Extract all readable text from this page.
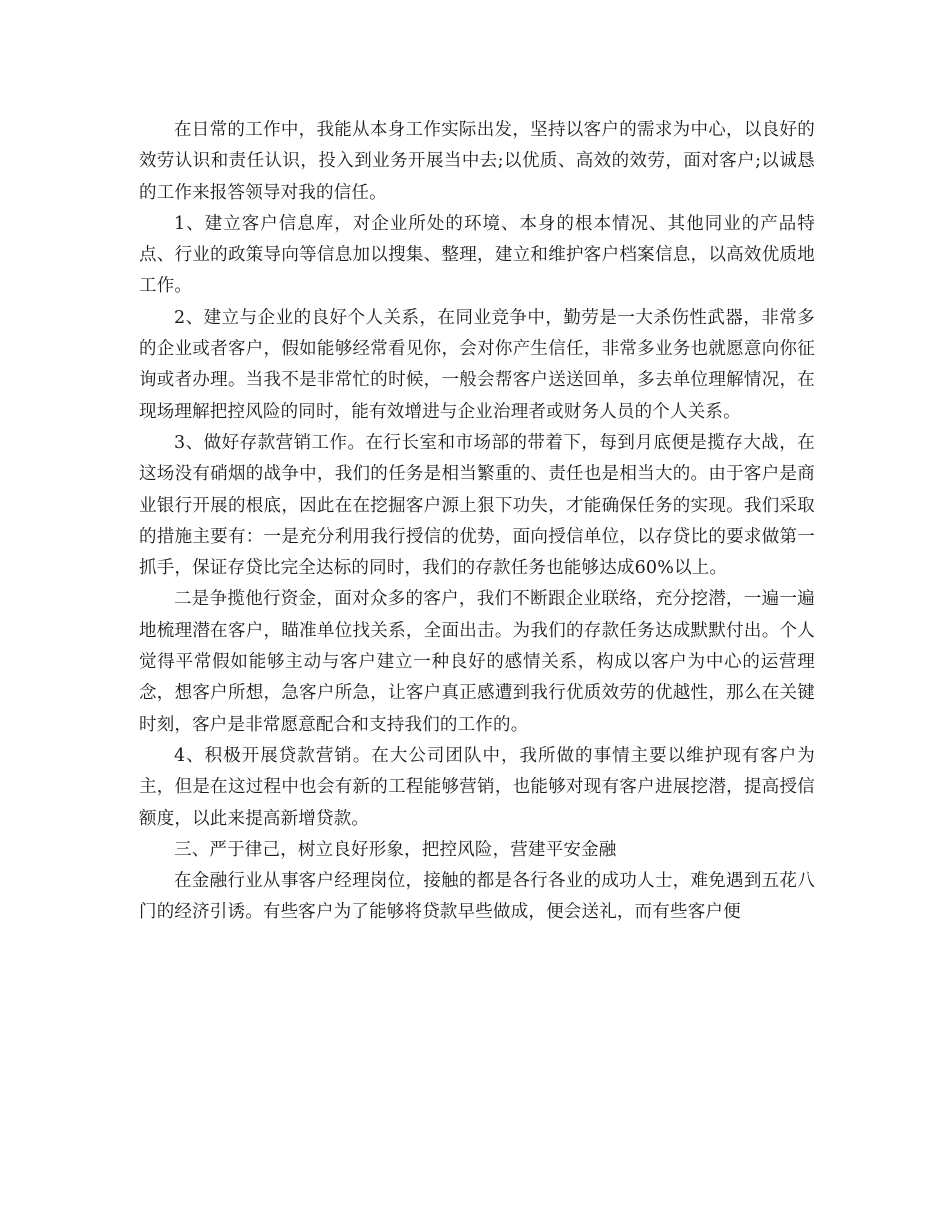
在日常的工作中，我能从本身工作实际出发，坚持以客户的需求为中心，以良好的效劳认识和责任认识，投入到业务开展当中去;以优质、高效的效劳，面对客户;以诚恳的工作来报答领导对我的信任。

1、建立客户信息库，对企业所处的环境、本身的根本情况、其他同业的产品特点、行业的政策导向等信息加以搜集、整理，建立和维护客户档案信息，以高效优质地工作。

2、建立与企业的良好个人关系，在同业竞争中，勤劳是一大杀伤性武器，非常多的企业或者客户，假如能够经常看见你，会对你产生信任，非常多业务也就愿意向你征询或者办理。当我不是非常忙的时候，一般会帮客户送送回单，多去单位理解情况，在现场理解把控风险的同时，能有效增进与企业治理者或财务人员的个人关系。

3、做好存款营销工作。在行长室和市场部的带着下，每到月底便是揽存大战，在这场没有硝烟的战争中，我们的任务是相当繁重的、责任也是相当大的。由于客户是商业银行开展的根底，因此在在挖掘客户源上狠下功失，才能确保任务的实现。我们采取的措施主要有：一是充分利用我行授信的优势，面向授信单位，以存贷比的要求做第一抓手，保证存贷比完全达标的同时，我们的存款任务也能够达成60%以上。

二是争揽他行资金，面对众多的客户，我们不断跟企业联络，充分挖潜，一遍一遍地梳理潜在客户，瞄准单位找关系，全面出击。为我们的存款任务达成默默付出。个人觉得平常假如能够主动与客户建立一种良好的感情关系，构成以客户为中心的运营理念，想客户所想，急客户所急，让客户真正感遭到我行优质效劳的优越性，那么在关键时刻，客户是非常愿意配合和支持我们的工作的。

4、积极开展贷款营销。在大公司团队中，我所做的事情主要以维护现有客户为主，但是在这过程中也会有新的工程能够营销，也能够对现有客户进展挖潜，提高授信额度，以此来提高新增贷款。

三、严于律己，树立良好形象，把控风险，营建平安金融

在金融行业从事客户经理岗位，接触的都是各行各业的成功人士，难免遇到五花八门的经济引诱。有些客户为了能够将贷款早些做成，便会送礼，而有些客户便
